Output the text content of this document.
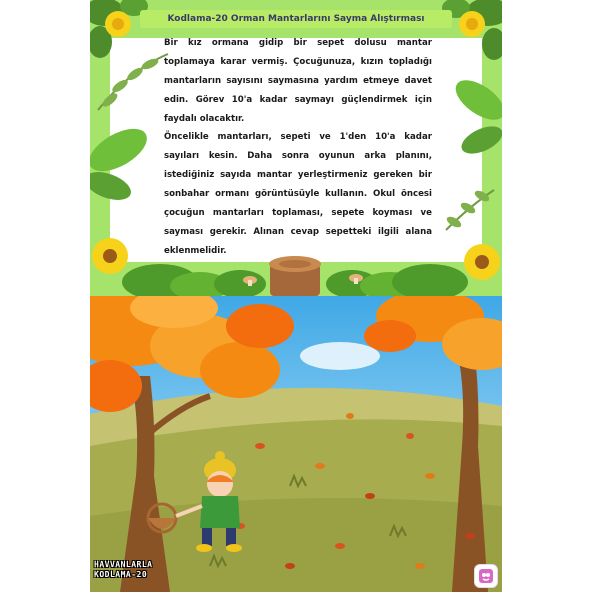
Kodlama-20 Orman Mantarlarını Sayma Alıştırması
Bir kız ormana gidip bir sepet dolusu mantar toplamaya karar vermiş. Çocuğunuza, kızın topladığı mantarların sayısını saymasına yardım etmeye davet edin. Görev 10'a kadar saymayı güçlendirmek için faydalı olacaktır.
Öncelikle mantarları, sepeti ve 1'den 10'a kadar sayıları kesin. Daha sonra oyunun arka planını, istediğiniz sayıda mantar yerleştirmeniz gereken bir sonbahar ormanı görüntüsüyle kullanın. Okul öncesi çocuğun mantarları toplaması, sepete koyması ve sayması gerekir. Alınan cevap sepetteki ilgili alana eklenmelidir.
HAVVANLARLA
KODLAMA-20
